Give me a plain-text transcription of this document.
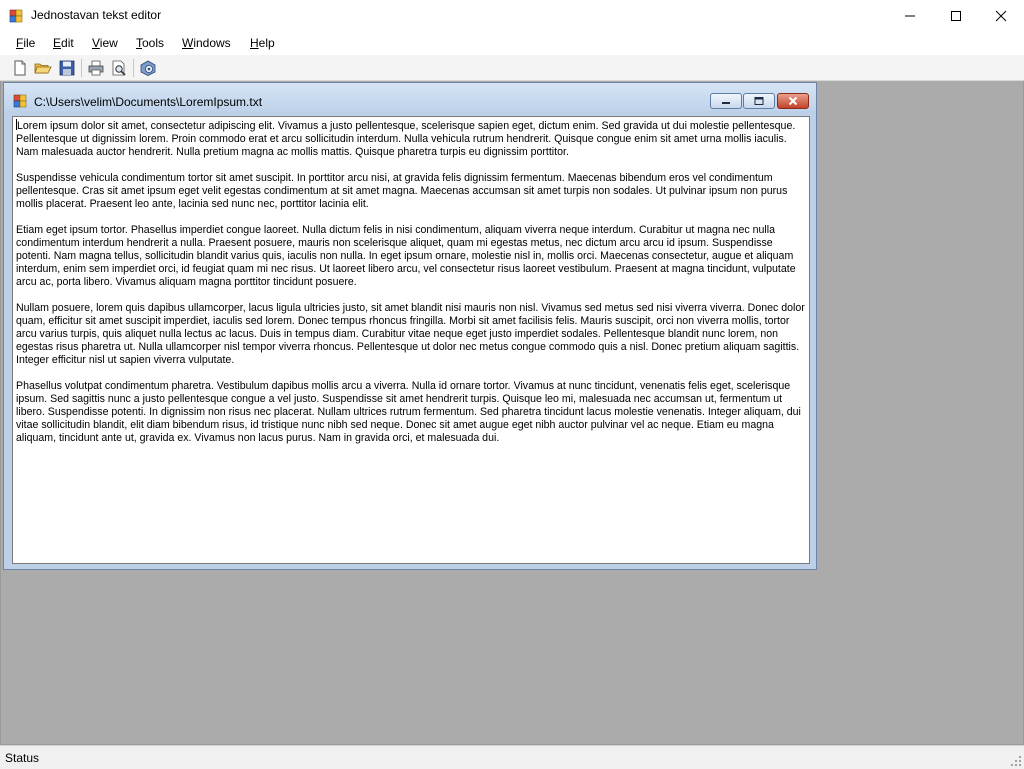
Jednostavan tekst editor
File Edit View Tools Windows Help
C:\Users\velim\Documents\LoremIpsum.txt

Lorem ipsum dolor sit amet, consectetur adipiscing elit. Vivamus a justo pellentesque, scelerisque sapien eget, dictum enim. Sed gravida ut dui molestie pellentesque. Pellentesque ut dignissim lorem. Proin commodo erat et arcu sollicitudin interdum. Nulla vehicula rutrum hendrerit. Quisque congue enim sit amet urna mollis iaculis. Nam malesuada auctor hendrerit. Nulla pretium magna ac mollis mattis. Quisque pharetra turpis eu dignissim porttitor.

Suspendisse vehicula condimentum tortor sit amet suscipit. In porttitor arcu nisi, at gravida felis dignissim fermentum. Maecenas bibendum eros vel condimentum pellentesque. Cras sit amet ipsum eget velit egestas condimentum at sit amet magna. Maecenas accumsan sit amet turpis non sodales. Ut pulvinar ipsum non purus mollis placerat. Praesent leo ante, lacinia sed nunc nec, porttitor lacinia elit.

Etiam eget ipsum tortor. Phasellus imperdiet congue laoreet. Nulla dictum felis in nisi condimentum, aliquam viverra neque interdum. Curabitur ut magna nec nulla condimentum interdum hendrerit a nulla. Praesent posuere, mauris non scelerisque aliquet, quam mi egestas metus, nec dictum arcu arcu id ipsum. Suspendisse potenti. Nam magna tellus, sollicitudin blandit varius quis, iaculis non nulla. In eget ipsum ornare, molestie nisl in, mollis orci. Maecenas consectetur, augue et aliquam interdum, enim sem imperdiet orci, id feugiat quam mi nec risus. Ut laoreet libero arcu, vel consectetur risus laoreet vestibulum. Praesent at magna tincidunt, vulputate arcu ac, porta libero. Vivamus aliquam magna porttitor tincidunt posuere.

Nullam posuere, lorem quis dapibus ullamcorper, lacus ligula ultricies justo, sit amet blandit nisi mauris non nisl. Vivamus sed metus sed nisi viverra viverra. Donec dolor quam, efficitur sit amet suscipit imperdiet, iaculis sed lorem. Donec tempus rhoncus fringilla. Morbi sit amet facilisis felis. Mauris suscipit, orci non viverra mollis, tortor arcu varius turpis, quis aliquet nulla lectus ac lacus. Duis in tempus diam. Curabitur vitae neque eget justo imperdiet sodales. Pellentesque blandit nunc lorem, non egestas risus pharetra ut. Nulla ullamcorper nisl tempor viverra rhoncus. Pellentesque ut dolor nec metus congue commodo quis a nisl. Donec pretium aliquam sagittis. Integer efficitur nisl ut sapien viverra vulputate.

Phasellus volutpat condimentum pharetra. Vestibulum dapibus mollis arcu a viverra. Nulla id ornare tortor. Vivamus at nunc tincidunt, venenatis felis eget, scelerisque ipsum. Sed sagittis nunc a justo pellentesque congue a vel justo. Suspendisse sit amet hendrerit turpis. Quisque leo mi, malesuada nec accumsan ut, fermentum ut libero. Suspendisse potenti. In dignissim non risus nec placerat. Nullam ultrices rutrum fermentum. Sed pharetra tincidunt lacus molestie venenatis. Integer aliquam, dui vitae sollicitudin blandit, elit diam bibendum risus, id tristique nunc nibh sed neque. Donec sit amet augue eget nibh auctor pulvinar vel ac neque. Etiam eu magna aliquam, tincidunt ante ut, gravida ex. Vivamus non lacus purus. Nam in gravida orci, et malesuada dui.

Status
